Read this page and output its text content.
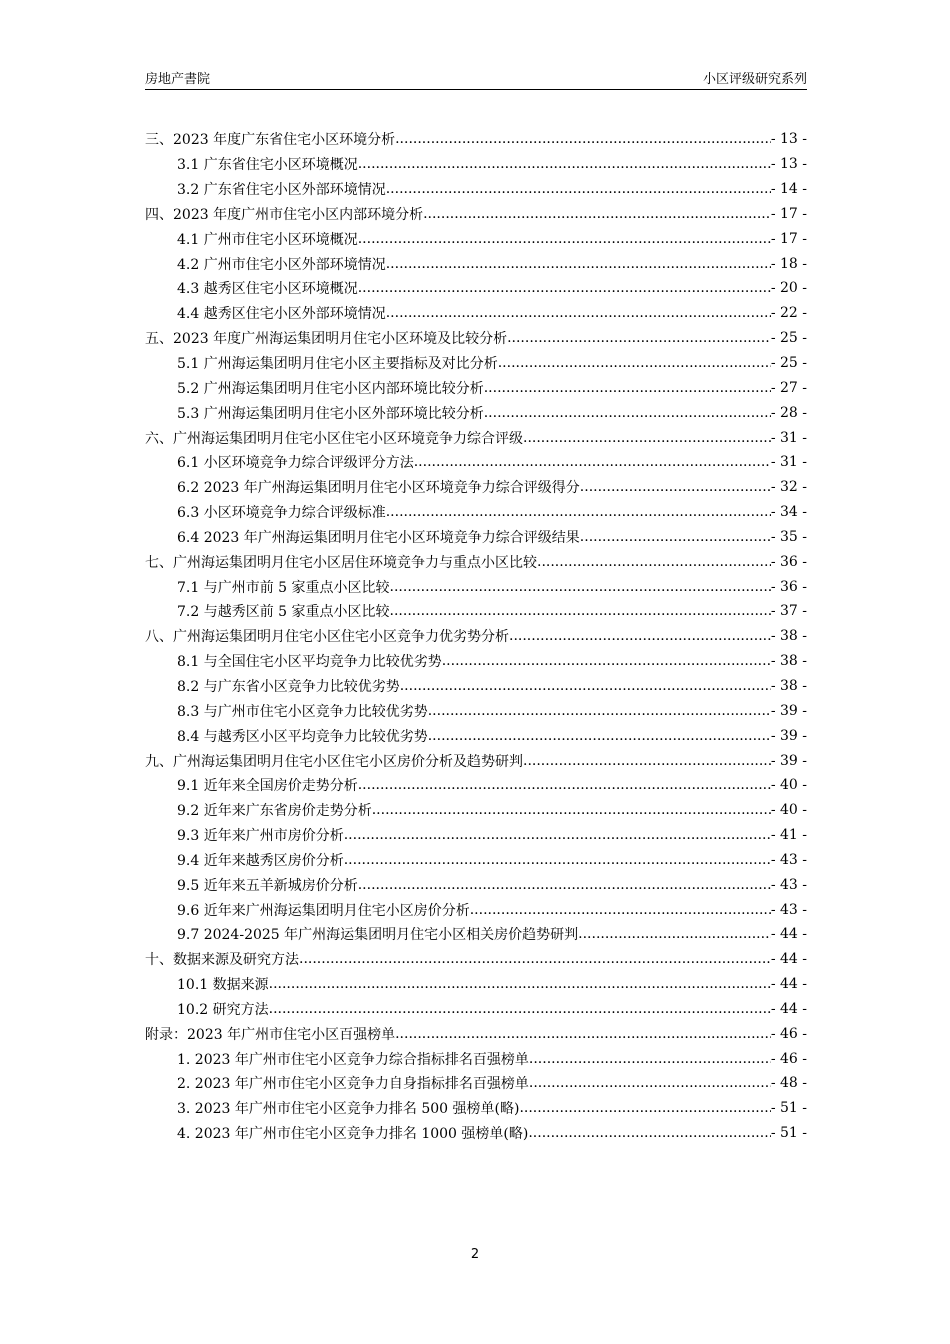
房地产書院	小区评级研究系列
三、2023 年度广东省住宅小区环境分析 .....	- 13 -
3.1 广东省住宅小区环境概况 .....	- 13 -
3.2 广东省住宅小区外部环境情况 .....	- 14 -
四、2023 年度广州市住宅小区内部环境分析 .....	- 17 -
4.1 广州市住宅小区环境概况 .....	- 17 -
4.2 广州市住宅小区外部环境情况 .....	- 18 -
4.3 越秀区住宅小区环境概况 .....	- 20 -
4.4 越秀区住宅小区外部环境情况 .....	- 22 -
五、2023 年度广州海运集团明月住宅小区环境及比较分析 .....	- 25 -
5.1 广州海运集团明月住宅小区主要指标及对比分析 .....	- 25 -
5.2 广州海运集团明月住宅小区内部环境比较分析 .....	- 27 -
5.3 广州海运集团明月住宅小区外部环境比较分析 .....	- 28 -
六、广州海运集团明月住宅小区住宅小区环境竞争力综合评级 .....	- 31 -
6.1 小区环境竞争力综合评级评分方法 .....	- 31 -
6.2 2023 年广州海运集团明月住宅小区环境竞争力综合评级得分 .....	- 32 -
6.3 小区环境竞争力综合评级标准 .....	- 34 -
6.4 2023 年广州海运集团明月住宅小区环境竞争力综合评级结果 .....	- 35 -
七、广州海运集团明月住宅小区居住环境竞争力与重点小区比较 .....	- 36 -
7.1 与广州市前 5 家重点小区比较 .....	- 36 -
7.2 与越秀区前 5 家重点小区比较 .....	- 37 -
八、广州海运集团明月住宅小区住宅小区竞争力优劣势分析 .....	- 38 -
8.1 与全国住宅小区平均竞争力比较优劣势 .....	- 38 -
8.2 与广东省小区竞争力比较优劣势 .....	- 38 -
8.3 与广州市住宅小区竞争力比较优劣势 .....	- 39 -
8.4 与越秀区小区平均竞争力比较优劣势 .....	- 39 -
九、广州海运集团明月住宅小区住宅小区房价分析及趋势研判 .....	- 39 -
9.1 近年来全国房价走势分析 .....	- 40 -
9.2 近年来广东省房价走势分析 .....	- 40 -
9.3 近年来广州市房价分析 .....	- 41 -
9.4 近年来越秀区房价分析 .....	- 43 -
9.5 近年来五羊新城房价分析 .....	- 43 -
9.6 近年来广州海运集团明月住宅小区房价分析 .....	- 43 -
9.7 2024-2025 年广州海运集团明月住宅小区相关房价趋势研判 .....	- 44 -
十、数据来源及研究方法 .....	- 44 -
10.1 数据来源 .....	- 44 -
10.2 研究方法 .....	- 44 -
附录：2023 年广州市住宅小区百强榜单 .....	- 46 -
1. 2023 年广州市住宅小区竞争力综合指标排名百强榜单 .....	- 46 -
2. 2023 年广州市住宅小区竞争力自身指标排名百强榜单 .....	- 48 -
3. 2023 年广州市住宅小区竞争力排名 500 强榜单(略) .....	- 51 -
4. 2023 年广州市住宅小区竞争力排名 1000 强榜单(略) .....	- 51 -
2
